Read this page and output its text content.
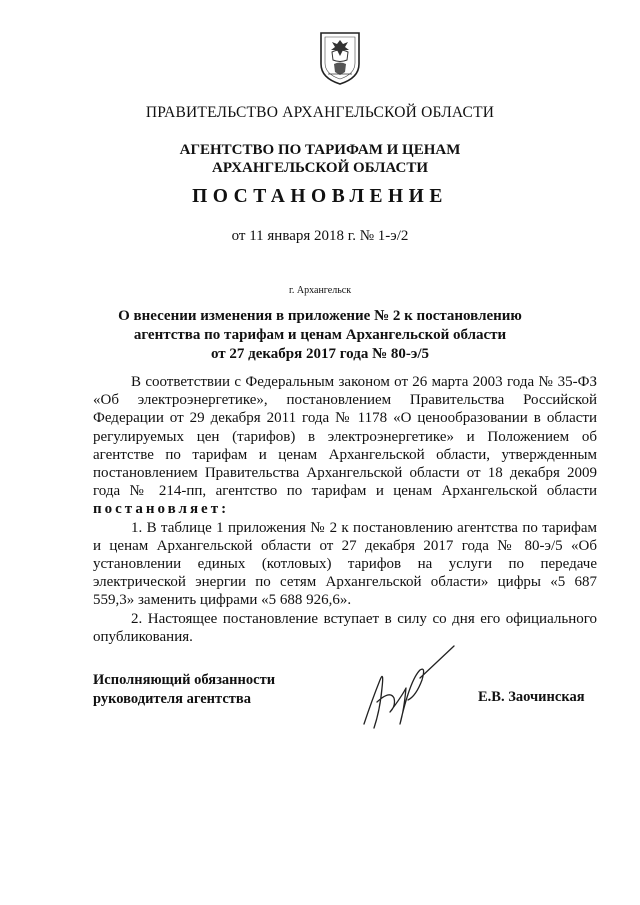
ПРАВИТЕЛЬСТВО АРХАНГЕЛЬСКОЙ ОБЛАСТИ
АГЕНТСТВО ПО ТАРИФАМ И ЦЕНАМ
АРХАНГЕЛЬСКОЙ ОБЛАСТИ
ПОСТАНОВЛЕНИЕ
от 11 января 2018 г. № 1-э/2
г. Архангельск
О внесении изменения в приложение № 2 к постановлению
агентства по тарифам и ценам Архангельской области
от 27 декабря 2017 года № 80-э/5

В соответствии с Федеральным законом от 26 марта 2003 года № 35-ФЗ «Об электроэнергетике», постановлением Правительства Российской Федерации от 29 декабря 2011 года № 1178 «О ценообразовании в области регулируемых цен (тарифов) в электроэнергетике» и Положением об агентстве по тарифам и ценам Архангельской области, утвержденным постановлением Правительства Архангельской области от 18 декабря 2009 года № 214-пп, агентство по тарифам и ценам Архангельской области постановляет:

1. В таблице 1 приложения № 2 к постановлению агентства по тарифам и ценам Архангельской области от 27 декабря 2017 года № 80-э/5 «Об установлении единых (котловых) тарифов на услуги по передаче электрической энергии по сетям Архангельской области» цифры «5 687 559,3» заменить цифрами «5 688 926,6».

2. Настоящее постановление вступает в силу со дня его официального опубликования.

Исполняющий обязанности
руководителя агентства	Е.В. Заочинская
